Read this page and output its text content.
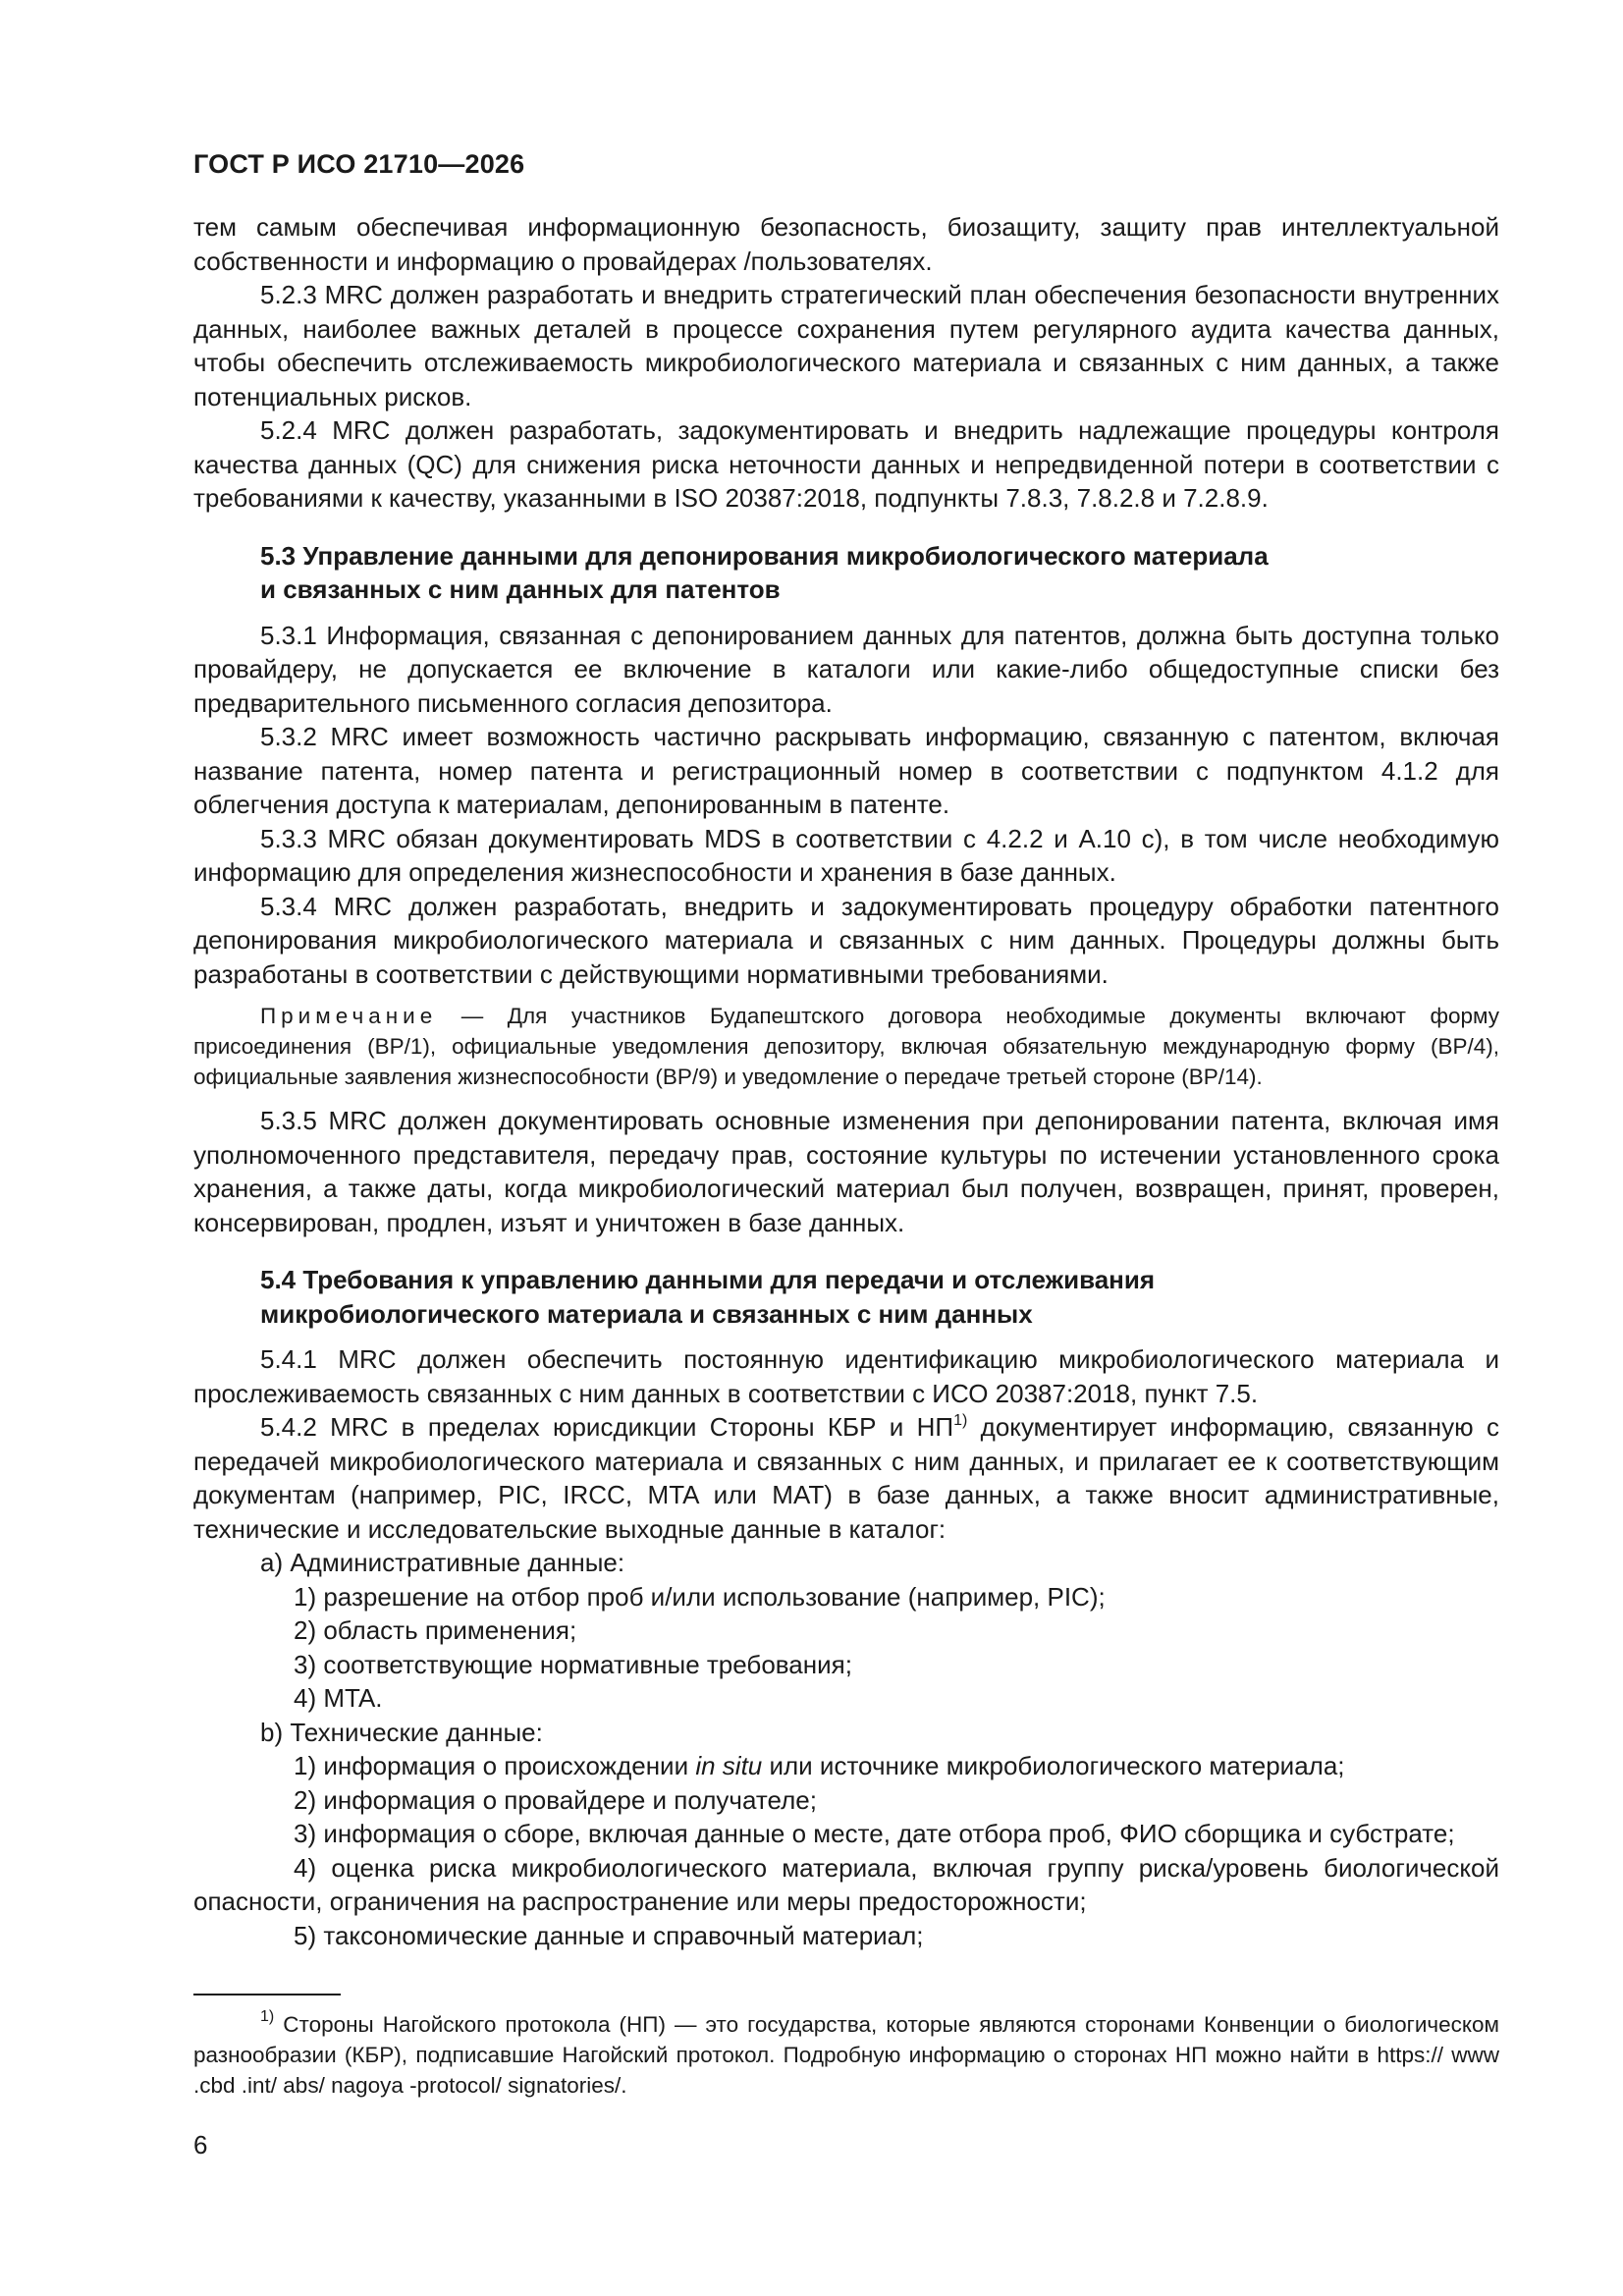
ГОСТ Р ИСО 21710—2026

тем самым обеспечивая информационную безопасность, биозащиту, защиту прав интеллектуальной собственности и информацию о провайдерах /пользователях.

5.2.3 MRC должен разработать и внедрить стратегический план обеспечения безопасности внутренних данных, наиболее важных деталей в процессе сохранения путем регулярного аудита качества данных, чтобы обеспечить отслеживаемость микробиологического материала и связанных с ним данных, а также потенциальных рисков.

5.2.4 MRC должен разработать, задокументировать и внедрить надлежащие процедуры контроля качества данных (QC) для снижения риска неточности данных и непредвиденной потери в соответствии с требованиями к качеству, указанными в ISO 20387:2018, подпункты 7.8.3, 7.8.2.8 и 7.2.8.9.

5.3 Управление данными для депонирования микробиологического материала
и связанных с ним данных для патентов

5.3.1 Информация, связанная с депонированием данных для патентов, должна быть доступна только провайдеру, не допускается ее включение в каталоги или какие-либо общедоступные списки без предварительного письменного согласия депозитора.

5.3.2 MRC имеет возможность частично раскрывать информацию, связанную с патентом, включая название патента, номер патента и регистрационный номер в соответствии с подпунктом 4.1.2 для облегчения доступа к материалам, депонированным в патенте.

5.3.3 MRC обязан документировать MDS в соответствии с 4.2.2 и A.10 c), в том числе необходимую информацию для определения жизнеспособности и хранения в базе данных.

5.3.4 MRC должен разработать, внедрить и задокументировать процедуру обработки патентного депонирования микробиологического материала и связанных с ним данных. Процедуры должны быть разработаны в соответствии с действующими нормативными требованиями.

Примечание — Для участников Будапештского договора необходимые документы включают форму присоединения (BP/1), официальные уведомления депозитору, включая обязательную международную форму (BP/4), официальные заявления жизнеспособности (BP/9) и уведомление о передаче третьей стороне (BP/14).

5.3.5 MRC должен документировать основные изменения при депонировании патента, включая имя уполномоченного представителя, передачу прав, состояние культуры по истечении установленного срока хранения, а также даты, когда микробиологический материал был получен, возвращен, принят, проверен, консервирован, продлен, изъят и уничтожен в базе данных.

5.4 Требования к управлению данными для передачи и отслеживания
микробиологического материала и связанных с ним данных

5.4.1 MRC должен обеспечить постоянную идентификацию микробиологического материала и прослеживаемость связанных с ним данных в соответствии с ИСО 20387:2018, пункт 7.5.

5.4.2 MRC в пределах юрисдикции Стороны КБР и НП$^{1)}$ документирует информацию, связанную с передачей микробиологического материала и связанных с ним данных, и прилагает ее к соответствующим документам (например, PIC, IRCC, MTA или MAT) в базе данных, а также вносит административные, технические и исследовательские выходные данные в каталог:

a) Административные данные:

1) разрешение на отбор проб и/или использование (например, PIC);

2) область применения;

3) соответствующие нормативные требования;

4) MTA.

b) Технические данные:

1) информация о происхождении in situ или источнике микробиологического материала;

2) информация о провайдере и получателе;

3) информация о сборе, включая данные о месте, дате отбора проб, ФИО сборщика и субстрате;

4) оценка риска микробиологического материала, включая группу риска/уровень биологической опасности, ограничения на распространение или меры предосторожности;

5) таксономические данные и справочный материал;

$^{1)}$ Стороны Нагойского протокола (НП) — это государства, которые являются сторонами Конвенции о биологическом разнообразии (КБР), подписавшие Нагойский протокол. Подробную информацию о сторонах НП можно найти в https:// www .cbd .int/ abs/ nagoya -protocol/ signatories/.
6
